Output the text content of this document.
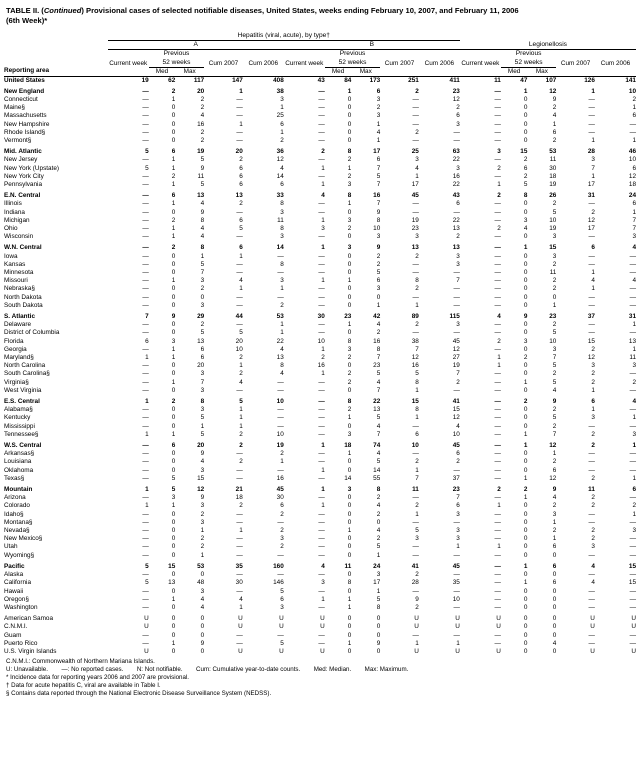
TABLE II. (Continued) Provisional cases of selected notifiable diseases, United States, weeks ending February 10, 2007, and February 11, 2006
(6th Week)*
	Hepatitis (viral, acute), by type†														
	A					B					Legionellosis				
		Previous					Previous					Previous			
	Current week	52 weeks		Cum 2007	Cum 2006	Current week	52 weeks		Cum 2007	Cum 2006	Current week	52 weeks		Cum 2007	Cum 2006
Reporting area		Med	Max				Med	Max				Med	Max		
United States	19	62	117	147	408	43	84	173	251	411	11	47	107	126	141

New England	—	2	20	1	38	—	1	6	2	23	—	1	12	1	10
Connecticut	—	1	2	—	3	—	0	3	—	12	—	0	9	—	2
Maine§	—	0	2	—	1	—	0	2	—	2	—	0	2	—	1
Massachusetts	—	0	4	—	25	—	0	3	—	6	—	0	4	—	6
New Hampshire	—	0	16	1	6	—	0	1	—	3	—	0	1	—	—
Rhode Island§	—	0	2	—	1	—	0	4	2	—	—	0	6	—	—
Vermont§	—	0	2	—	2	—	0	1	—	—	—	0	2	1	1

Mid. Atlantic	5	6	19	20	36	2	8	17	25	63	3	15	53	28	46
New Jersey	—	1	5	2	12	—	2	6	3	22	—	2	11	3	10
New York (Upstate)	5	1	9	6	4	1	1	7	4	3	2	6	30	7	6
New York City	—	2	11	6	14	—	2	5	1	16	—	2	18	1	12
Pennsylvania	—	1	5	6	6	1	3	7	17	22	1	5	19	17	18

E.N. Central	—	6	13	13	33	4	8	16	45	43	2	8	26	31	24
Illinois	—	1	4	2	8	—	1	7	—	6	—	0	2	—	6
Indiana	—	0	9	—	3	—	0	9	—	—	—	0	5	2	1
Michigan	—	2	8	6	11	1	3	8	19	22	—	3	10	12	7
Ohio	—	1	4	5	8	3	2	10	23	13	2	4	19	17	7
Wisconsin	—	1	4	—	3	—	0	3	3	2	—	0	3	—	3

W.N. Central	—	2	8	6	14	1	3	9	13	13	—	1	15	6	4
Iowa	—	0	1	1	—	—	0	2	2	3	—	0	3	—	—
Kansas	—	0	5	—	8	—	0	2	—	3	—	0	2	—	—
Minnesota	—	0	7	—	—	—	0	5	—	—	—	0	11	1	—
Missouri	—	1	3	4	3	1	1	6	8	7	—	0	2	4	4
Nebraska§	—	0	2	1	1	—	0	3	2	—	—	0	2	1	—
North Dakota	—	0	0	—	—	—	0	0	—	—	—	0	0	—	—
South Dakota	—	0	3	—	2	—	0	1	1	—	—	0	1	—	—

S. Atlantic	7	9	29	44	53	30	23	42	89	115	4	9	23	37	31
Delaware	—	0	2	—	1	—	1	4	2	3	—	0	2	—	1
District of Columbia	—	0	5	5	1	—	0	2	—	—	—	0	5	—	—
Florida	6	3	13	20	22	10	8	16	38	45	2	3	10	15	13
Georgia	—	1	6	10	4	1	3	8	7	12	—	0	3	2	1
Maryland§	1	1	6	2	13	2	2	7	12	27	1	2	7	12	11
North Carolina	—	0	20	1	8	16	0	23	16	19	1	0	5	3	3
South Carolina§	—	0	3	2	4	1	2	5	5	7	—	0	2	2	—
Virginia§	—	1	7	4	—	—	2	4	8	2	—	1	5	2	2
West Virginia	—	0	3	—	—	—	0	7	1	—	—	0	4	1	—

E.S. Central	1	2	8	5	10	—	8	22	15	41	—	2	9	6	4
Alabama§	—	0	3	1	—	—	2	13	8	15	—	0	2	1	—
Kentucky	—	0	5	1	—	—	1	5	1	12	—	0	5	3	1
Mississippi	—	0	1	1	—	—	0	4	—	4	—	0	2	—	—
Tennessee§	1	1	5	2	10	—	3	7	6	10	—	1	7	2	3

W.S. Central	—	6	20	2	19	1	18	74	10	45	—	1	12	2	1
Arkansas§	—	0	9	—	2	—	1	4	—	6	—	0	1	—	—
Louisiana	—	0	4	2	1	—	0	5	2	2	—	0	2	—	—
Oklahoma	—	0	3	—	—	1	0	14	1	—	—	0	6	—	—
Texas§	—	5	15	—	16	—	14	55	7	37	—	1	12	2	1

Mountain	1	5	12	21	45	1	3	8	11	23	2	2	9	11	6
Arizona	—	3	9	18	30	—	0	2	—	7	—	1	4	2	—
Colorado	1	1	3	2	6	1	0	4	2	6	1	0	2	2	2
Idaho§	—	0	2	—	2	—	0	2	1	3	—	0	3	—	1
Montana§	—	0	3	—	—	—	0	0	—	—	—	0	1	—	—
Nevada§	—	0	1	1	2	—	1	4	5	3	—	0	2	2	3
New Mexico§	—	0	2	—	3	—	0	2	3	3	—	0	1	2	—
Utah	—	0	2	—	2	—	0	5	—	1	1	0	6	3	—
Wyoming§	—	0	1	—	—	—	0	1	—	—	—	0	0	—	—

Pacific	5	15	53	35	160	4	11	24	41	45	—	1	6	4	15
Alaska	—	0	0	—	—	—	0	3	2	—	—	0	0	—	—
California	5	13	48	30	146	3	8	17	28	35	—	1	6	4	15
Hawaii	—	0	3	—	5	—	0	1	—	—	—	0	0	—	—
Oregon§	—	1	4	4	6	1	1	5	9	10	—	0	0	—	—
Washington	—	0	4	1	3	—	1	8	2	—	—	0	0	—	—

American Samoa	U	0	0	U	U	U	0	0	U	U	U	0	0	U	U
C.N.M.I.	U	0	0	U	U	U	0	0	U	U	U	0	0	U	U
Guam	—	0	0	—	—	—	0	0	—	—	—	0	0	—	—
Puerto Rico	—	1	9	—	5	—	1	9	1	1	—	0	4	—	—
U.S. Virgin Islands	U	0	0	U	U	U	0	0	U	U	U	0	0	U	U
C.N.M.I.: Commonwealth of Northern Mariana Islands.
U: Unavailable. —: No reported cases. N: Not notifiable. Cum: Cumulative year-to-date counts. Med: Median. Max: Maximum.
* Incidence data for reporting years 2006 and 2007 are provisional.
† Data for acute hepatitis C, viral are available in Table I.
§ Contains data reported through the National Electronic Disease Surveillance System (NEDSS).
